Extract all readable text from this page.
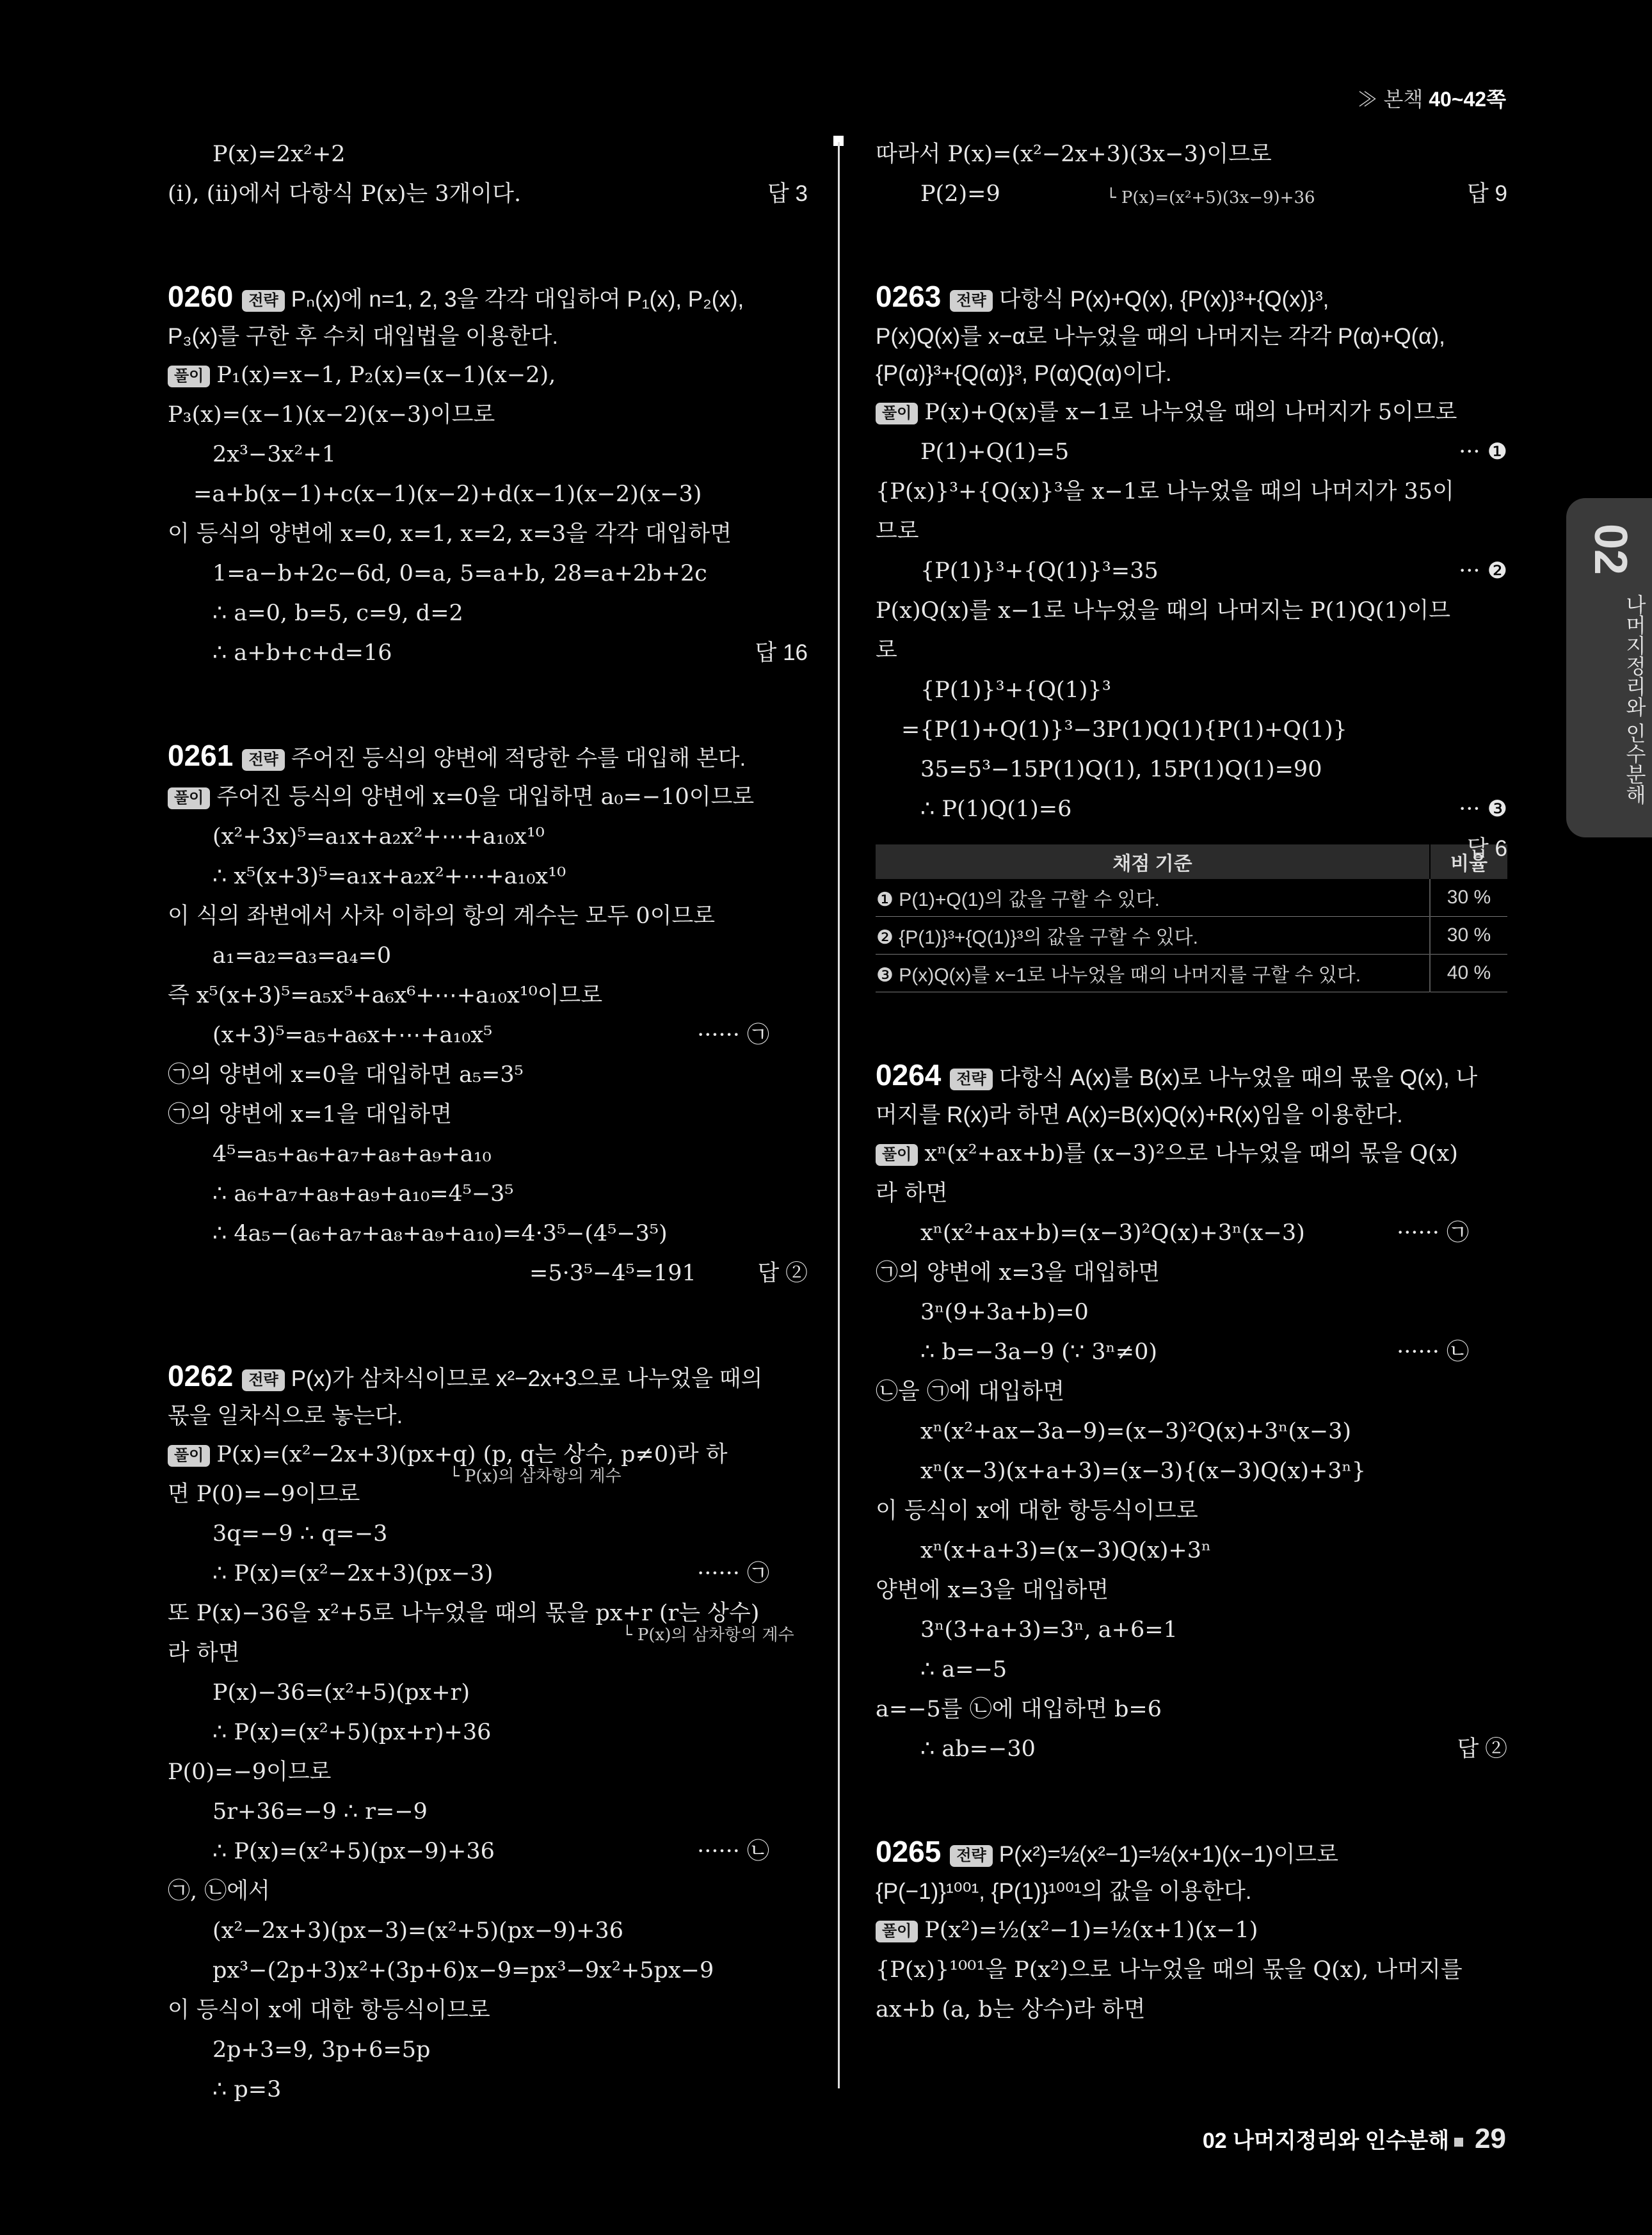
≫ 본책 40~42쪽
P(x)=2x²+2
(i), (ii)에서 다항식 P(x)는 3개이다.	답 3
0260 전략 Pₙ(x)에 n=1, 2, 3을 각각 대입하여 P₁(x), P₂(x),
P₃(x)를 구한 후 수치 대입법을 이용한다.
풀이 P₁(x)=x−1, P₂(x)=(x−1)(x−2),
P₃(x)=(x−1)(x−2)(x−3)이므로
2x³−3x²+1
=a+b(x−1)+c(x−1)(x−2)+d(x−1)(x−2)(x−3)
이 등식의 양변에 x=0, x=1, x=2, x=3을 각각 대입하면
1=a−b+2c−6d, 0=a, 5=a+b, 28=a+2b+2c
∴ a=0, b=5, c=9, d=2
∴ a+b+c+d=16	답 16
0261 전략 주어진 등식의 양변에 적당한 수를 대입해 본다.
풀이 주어진 등식의 양변에 x=0을 대입하면 a₀=−10이므로
(x²+3x)⁵=a₁x+a₂x²+⋯+a₁₀x¹⁰
∴ x⁵(x+3)⁵=a₁x+a₂x²+⋯+a₁₀x¹⁰
이 식의 좌변에서 사차 이하의 항의 계수는 모두 0이므로
a₁=a₂=a₃=a₄=0
즉 x⁵(x+3)⁵=a₅x⁵+a₆x⁶+⋯+a₁₀x¹⁰이므로
(x+3)⁵=a₅+a₆x+⋯+a₁₀x⁵	······ ㉠
㉠의 양변에 x=0을 대입하면 a₅=3⁵
㉠의 양변에 x=1을 대입하면
4⁵=a₅+a₆+a₇+a₈+a₉+a₁₀
∴ a₆+a₇+a₈+a₉+a₁₀=4⁵−3⁵
∴ 4a₅−(a₆+a₇+a₈+a₉+a₁₀)=4·3⁵−(4⁵−3⁵)
=5·3⁵−4⁵=191	답 ②
0262 전략 P(x)가 삼차식이므로 x²−2x+3으로 나누었을 때의
몫을 일차식으로 놓는다.
풀이 P(x)=(x²−2x+3)(px+q) (p, q는 상수, p≠0)라 하
└ P(x)의 삼차항의 계수
면 P(0)=−9이므로
3q=−9 ∴ q=−3
∴ P(x)=(x²−2x+3)(px−3)	······ ㉠
또 P(x)−36을 x²+5로 나누었을 때의 몫을 px+r (r는 상수)
└ P(x)의 삼차항의 계수
라 하면
P(x)−36=(x²+5)(px+r)
∴ P(x)=(x²+5)(px+r)+36
P(0)=−9이므로
5r+36=−9 ∴ r=−9
∴ P(x)=(x²+5)(px−9)+36	······ ㉡
㉠, ㉡에서
(x²−2x+3)(px−3)=(x²+5)(px−9)+36
px³−(2p+3)x²+(3p+6)x−9=px³−9x²+5px−9
이 등식이 x에 대한 항등식이므로
2p+3=9, 3p+6=5p
∴ p=3
따라서 P(x)=(x²−2x+3)(3x−3)이므로
P(2)=9	└ P(x)=(x²+5)(3x−9)+36	답 9
0263 전략 다항식 P(x)+Q(x), {P(x)}³+{Q(x)}³,
P(x)Q(x)를 x−α로 나누었을 때의 나머지는 각각 P(α)+Q(α),
{P(α)}³+{Q(α)}³, P(α)Q(α)이다.
풀이 P(x)+Q(x)를 x−1로 나누었을 때의 나머지가 5이므로
P(1)+Q(1)=5	··· ❶
{P(x)}³+{Q(x)}³을 x−1로 나누었을 때의 나머지가 35이
므로
{P(1)}³+{Q(1)}³=35	··· ❷
P(x)Q(x)를 x−1로 나누었을 때의 나머지는 P(1)Q(1)이므
로
{P(1)}³+{Q(1)}³
={P(1)+Q(1)}³−3P(1)Q(1){P(1)+Q(1)}
35=5³−15P(1)Q(1), 15P(1)Q(1)=90
∴ P(1)Q(1)=6	··· ❸
답 6
채점 기준	비율
❶ P(1)+Q(1)의 값을 구할 수 있다.	30 %
❷ {P(1)}³+{Q(1)}³의 값을 구할 수 있다.	30 %
❸ P(x)Q(x)를 x−1로 나누었을 때의 나머지를 구할 수 있다.	40 %
0264 전략 다항식 A(x)를 B(x)로 나누었을 때의 몫을 Q(x), 나
머지를 R(x)라 하면 A(x)=B(x)Q(x)+R(x)임을 이용한다.
풀이 xⁿ(x²+ax+b)를 (x−3)²으로 나누었을 때의 몫을 Q(x)
라 하면
xⁿ(x²+ax+b)=(x−3)²Q(x)+3ⁿ(x−3)	······ ㉠
㉠의 양변에 x=3을 대입하면
3ⁿ(9+3a+b)=0
∴ b=−3a−9 (∵ 3ⁿ≠0)	······ ㉡
㉡을 ㉠에 대입하면
xⁿ(x²+ax−3a−9)=(x−3)²Q(x)+3ⁿ(x−3)
xⁿ(x−3)(x+a+3)=(x−3){(x−3)Q(x)+3ⁿ}
이 등식이 x에 대한 항등식이므로
xⁿ(x+a+3)=(x−3)Q(x)+3ⁿ
양변에 x=3을 대입하면
3ⁿ(3+a+3)=3ⁿ, a+6=1
∴ a=−5
a=−5를 ㉡에 대입하면 b=6
∴ ab=−30	답 ②
0265 전략 P(x²)=½(x²−1)=½(x+1)(x−1)이므로
{P(−1)}¹⁰⁰¹, {P(1)}¹⁰⁰¹의 값을 이용한다.
풀이 P(x²)=½(x²−1)=½(x+1)(x−1)
{P(x)}¹⁰⁰¹을 P(x²)으로 나누었을 때의 몫을 Q(x), 나머지를
ax+b (a, b는 상수)라 하면
02
나머지정리와 인수분해
02 나머지정리와 인수분해 29
